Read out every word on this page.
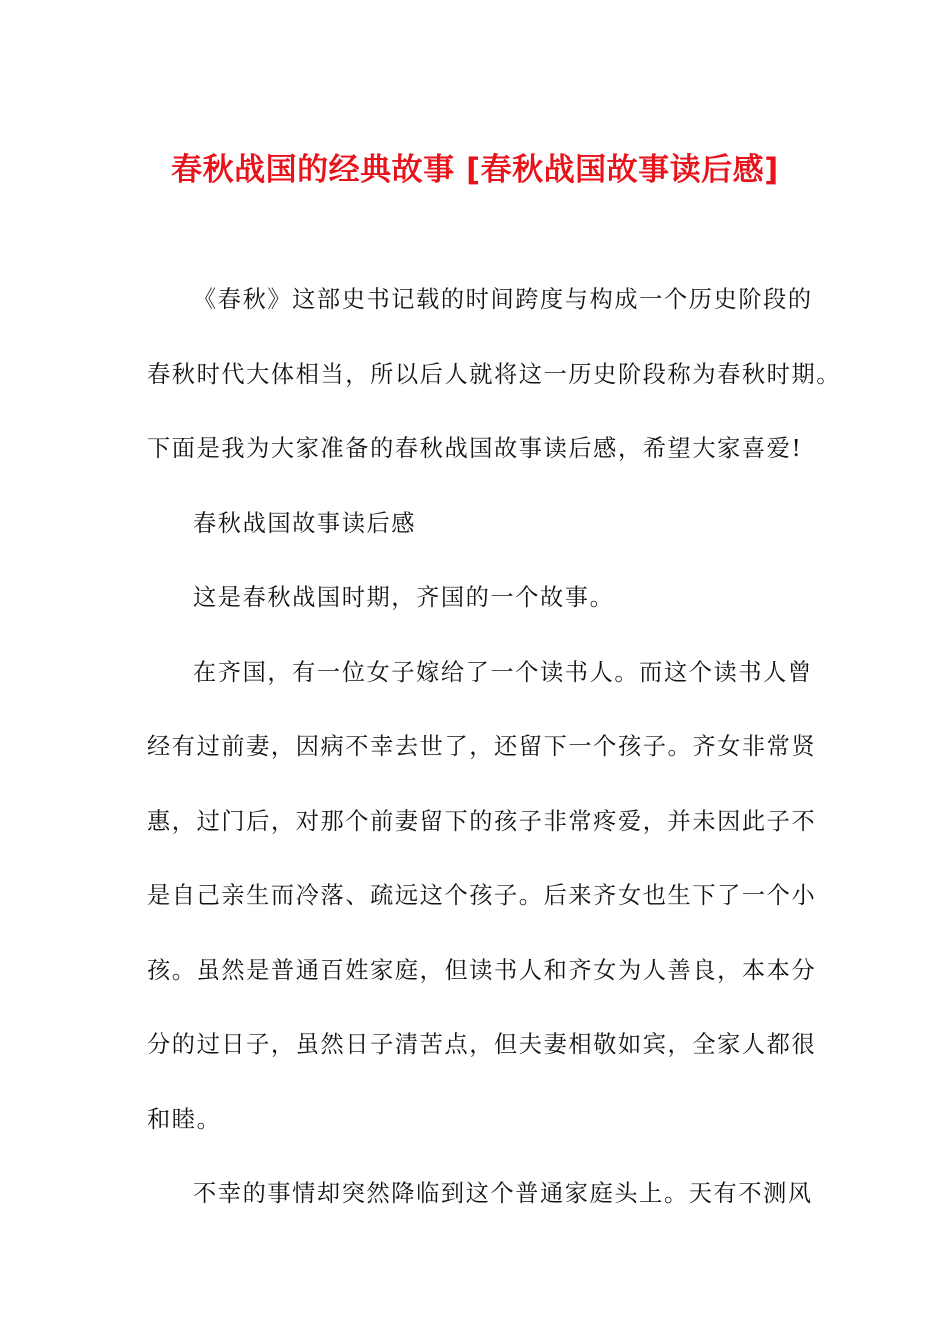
春秋战国的经典故事 [春秋战国故事读后感]
《春秋》这部史书记载的时间跨度与构成一个历史阶段的
春秋时代大体相当，所以后人就将这一历史阶段称为春秋时期。
下面是我为大家准备的春秋战国故事读后感，希望大家喜爱!
春秋战国故事读后感
这是春秋战国时期，齐国的一个故事。
在齐国，有一位女子嫁给了一个读书人。而这个读书人曾
经有过前妻，因病不幸去世了，还留下一个孩子。齐女非常贤
惠，过门后，对那个前妻留下的孩子非常疼爱，并未因此子不
是自己亲生而冷落、疏远这个孩子。后来齐女也生下了一个小
孩。虽然是普通百姓家庭，但读书人和齐女为人善良，本本分
分的过日子，虽然日子清苦点，但夫妻相敬如宾，全家人都很
和睦。
不幸的事情却突然降临到这个普通家庭头上。天有不测风
